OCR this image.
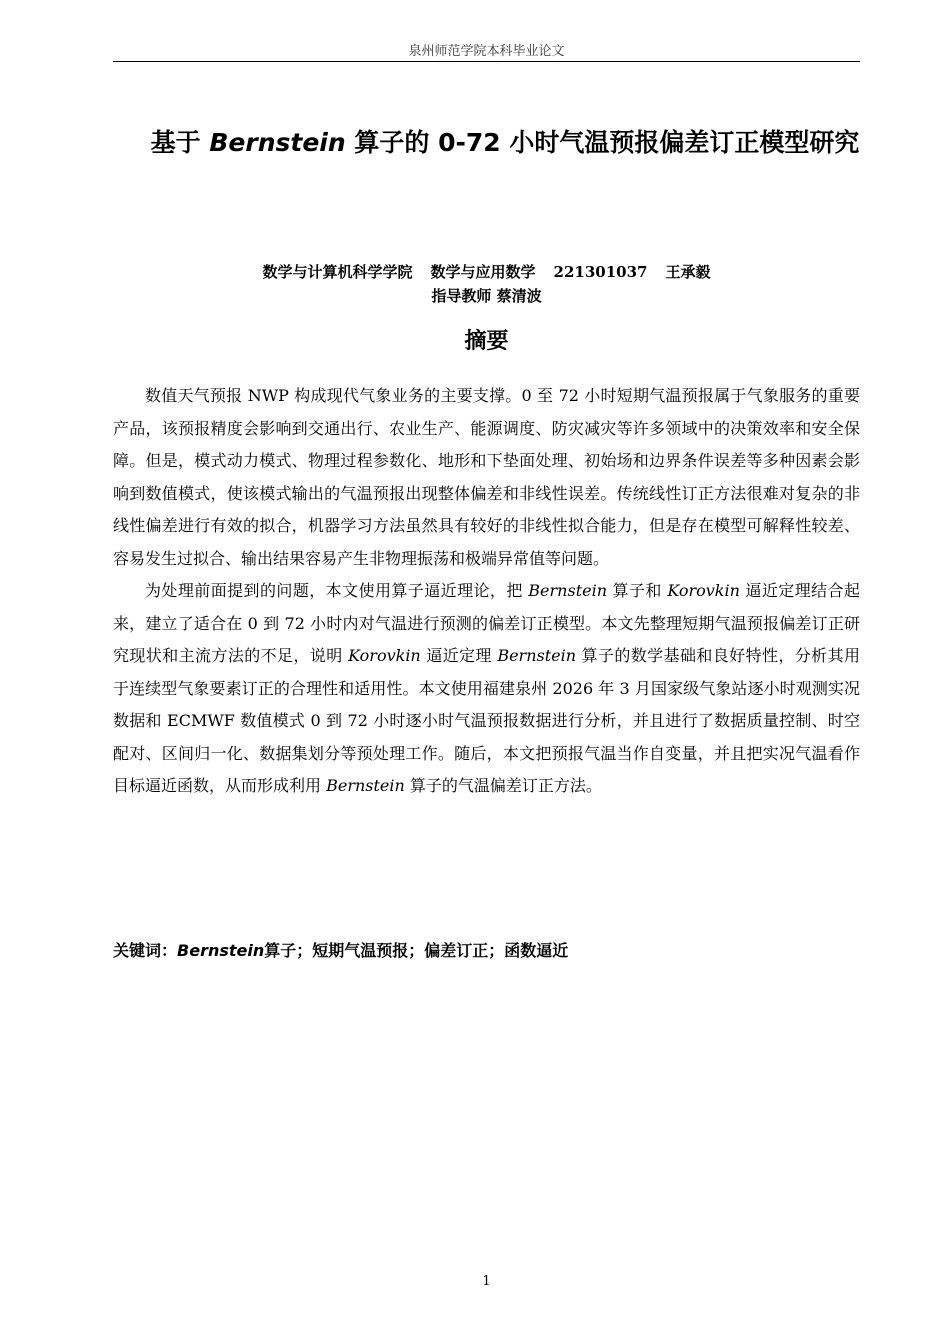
泉州师范学院本科毕业论文
基于 Bernstein 算子的 0-72 小时气温预报偏差订正模型研究
数学与计算机科学学院 数学与应用数学 221301037 王承毅
指导教师 蔡清波
摘要

数值天气预报 NWP 构成现代气象业务的主要支撑。0 至 72 小时短期气温预报属于气象服务的重要产品，该预报精度会影响到交通出行、农业生产、能源调度、防灾减灾等许多领域中的决策效率和安全保障。但是，模式动力模式、物理过程参数化、地形和下垫面处理、初始场和边界条件误差等多种因素会影响到数值模式，使该模式输出的气温预报出现整体偏差和非线性误差。传统线性订正方法很难对复杂的非线性偏差进行有效的拟合，机器学习方法虽然具有较好的非线性拟合能力，但是存在模型可解释性较差、容易发生过拟合、输出结果容易产生非物理振荡和极端异常值等问题。

为处理前面提到的问题，本文使用算子逼近理论，把 Bernstein 算子和 Korovkin 逼近定理结合起来，建立了适合在 0 到 72 小时内对气温进行预测的偏差订正模型。本文先整理短期气温预报偏差订正研究现状和主流方法的不足，说明 Korovkin 逼近定理 Bernstein 算子的数学基础和良好特性，分析其用于连续型气象要素订正的合理性和适用性。本文使用福建泉州 2026 年 3 月国家级气象站逐小时观测实况数据和 ECMWF 数值模式 0 到 72 小时逐小时气温预报数据进行分析，并且进行了数据质量控制、时空配对、区间归一化、数据集划分等预处理工作。随后，本文把预报气温当作自变量，并且把实况气温看作目标逼近函数，从而形成利用 Bernstein 算子的气温偏差订正方法。

关键词：Bernstein算子；短期气温预报；偏差订正；函数逼近
1
